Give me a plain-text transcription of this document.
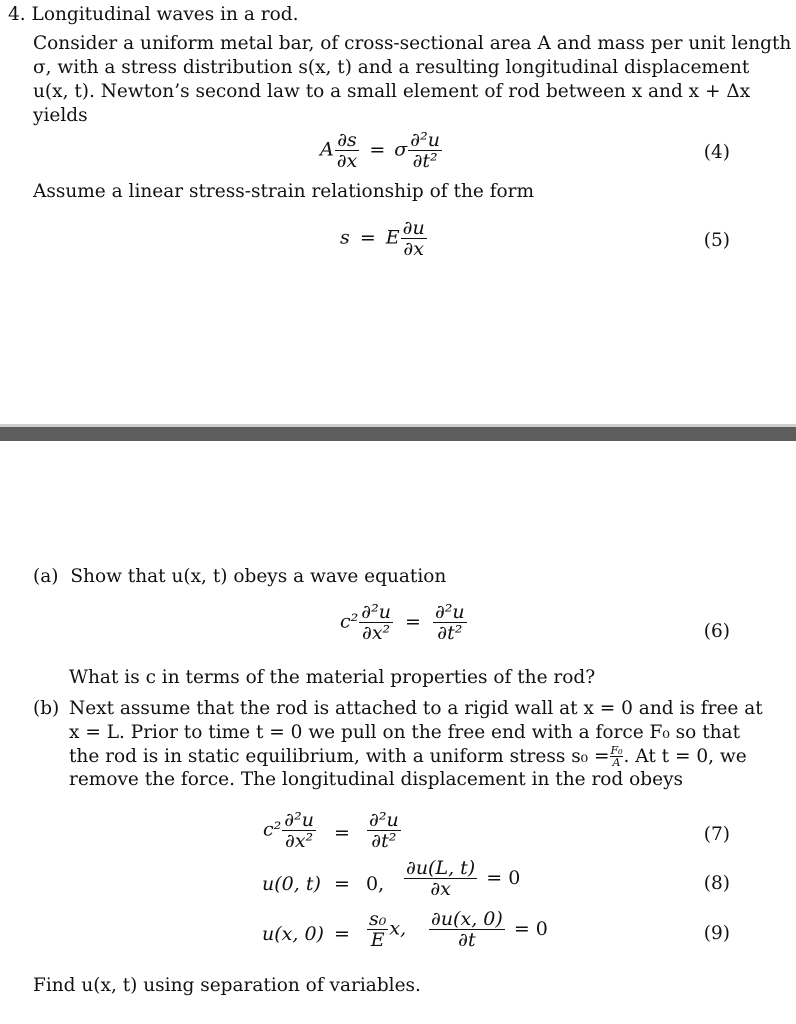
4. Longitudinal waves in a rod.
Consider a uniform metal bar, of cross-sectional area A and mass per unit length
σ, with a stress distribution s(x, t) and a resulting longitudinal displacement
u(x, t). Newton’s second law to a small element of rod between x and x + Δx
yields
A $\frac{\partial s}{\partial x} = \sigma \frac{\text{∂²u}}{\text{∂t²}}$	(4)
Assume a linear stress-strain relationship of the form
s = E $\frac{\partial u}{\partial x}$	(5)
(a) Show that u(x, t) obeys a wave equation
$c^2 \frac{\text{∂²u}}{\text{∂x²}} = \frac{\text{∂²u}}{\text{∂t²}}$	(6)
What is c in terms of the material properties of the rod?
(b) Next assume that the rod is attached to a rigid wall at x = 0 and is free at
x = L. Prior to time t = 0 we pull on the free end with a force F₀ so that
the rod is in static equilibrium, with a uniform stress $s_0 = \frac{\text{F₀}}{A}$ . At t = 0, we
remove the force. The longitudinal displacement in the rod obeys
$c^2 \frac{\text{∂²u}}{\text{∂x²}} = \frac{\text{∂²u}}{\text{∂t²}}$	(7)
u(0, t) = 0, $\frac{\partial u(L, t)}{\partial x} = 0$	(8)
u(x, $0) = \frac{\text{s₀}}{E} x$, $\frac{\partial u(x, 0)}{\partial t} = 0$	(9)
Find u(x, t) using separation of variables.
